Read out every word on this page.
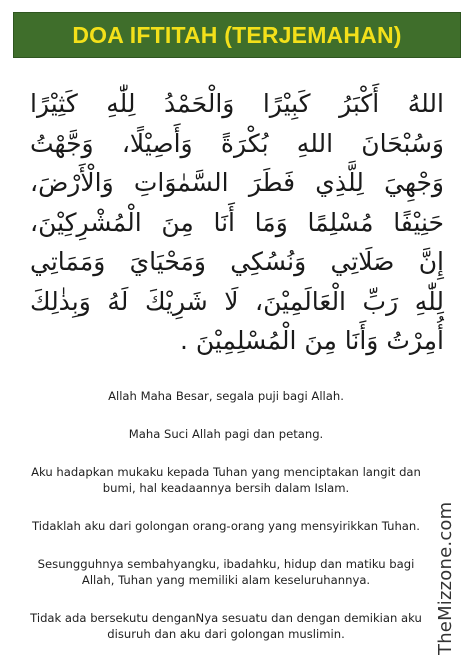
DOA IFTITAH (TERJEMAHAN)
اللهُ أَكْبَرُ كَبِيْرًا وَالْحَمْدُ لِلّٰهِ كَثِيْرًا
وَسُبْحَانَ اللهِ بُكْرَةً وَأَصِيْلًا، وَجَّهْتُ
وَجْهِيَ لِلَّذِي فَطَرَ السَّمٰوَاتِ وَالْأَرْضَ،
حَنِيْفًا مُسْلِمًا وَمَا أَنَا مِنَ الْمُشْرِكِيْنَ،
إِنَّ صَلَاتِي وَنُسُكِي وَمَحْيَايَ وَمَمَاتِي
لِلّٰهِ رَبِّ الْعَالَمِيْنَ، لَا شَرِيْكَ لَهُ وَبِذٰلِكَ
أُمِرْتُ وَأَنَا مِنَ الْمُسْلِمِيْنَ .
Allah Maha Besar, segala puji bagi Allah.
Maha Suci Allah pagi dan petang.
Aku hadapkan mukaku kepada Tuhan yang menciptakan langit dan bumi, hal keadaannya bersih dalam Islam.
Tidaklah aku dari golongan orang-orang yang mensyirikkan Tuhan.
Sesungguhnya sembahyangku, ibadahku, hidup dan matiku bagi Allah, Tuhan yang memiliki alam keseluruhannya.
Tidak ada bersekutu denganNya sesuatu dan dengan demikian aku disuruh dan aku dari golongan muslimin.	TheMizzone.com
